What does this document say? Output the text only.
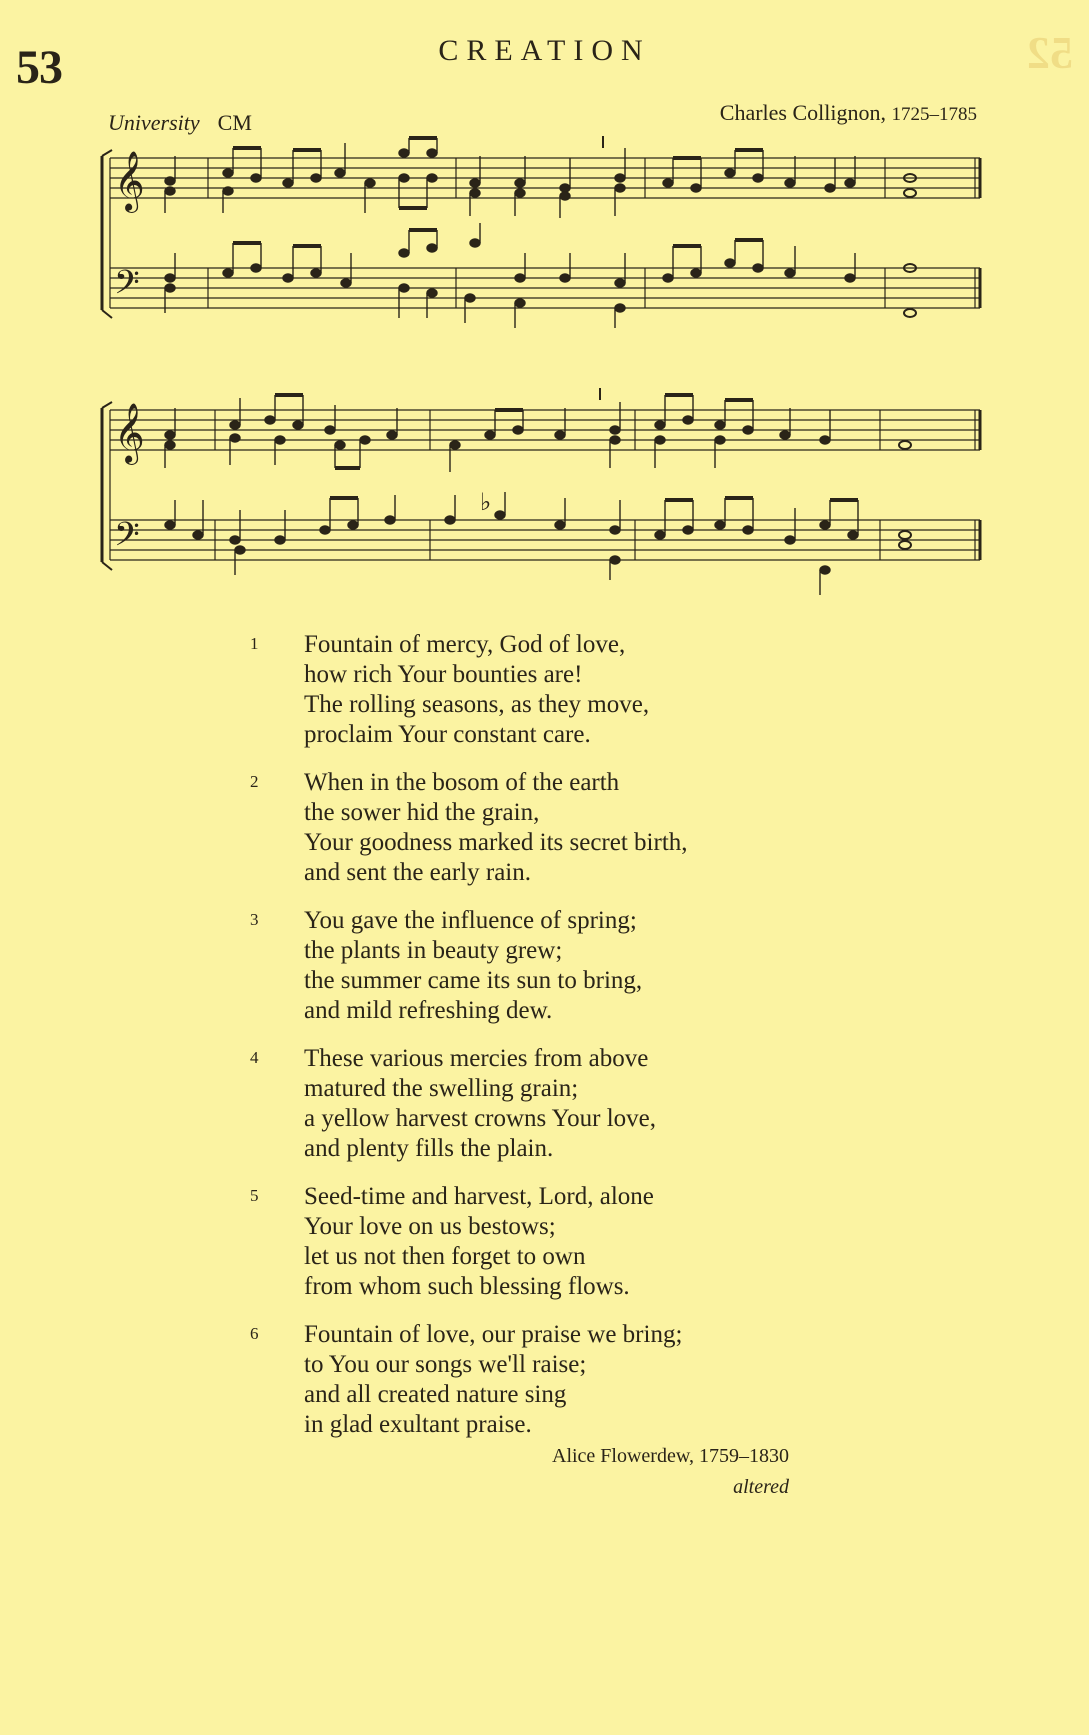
53	CREATION	52
University CM	Charles Collignon, 1725–1785
𝄞
𝄢
𝄞
𝄢
♭
1 Fountain of mercy, God of love,
how rich Your bounties are!
The rolling seasons, as they move,
proclaim Your constant care.
2 When in the bosom of the earth
the sower hid the grain,
Your goodness marked its secret birth,
and sent the early rain.
3 You gave the influence of spring;
the plants in beauty grew;
the summer came its sun to bring,
and mild refreshing dew.
4 These various mercies from above
matured the swelling grain;
a yellow harvest crowns Your love,
and plenty fills the plain.
5 Seed-time and harvest, Lord, alone
Your love on us bestows;
let us not then forget to own
from whom such blessing flows.
6 Fountain of love, our praise we bring;
to You our songs we'll raise;
and all created nature sing
in glad exultant praise.
Alice Flowerdew, 1759–1830
altered
